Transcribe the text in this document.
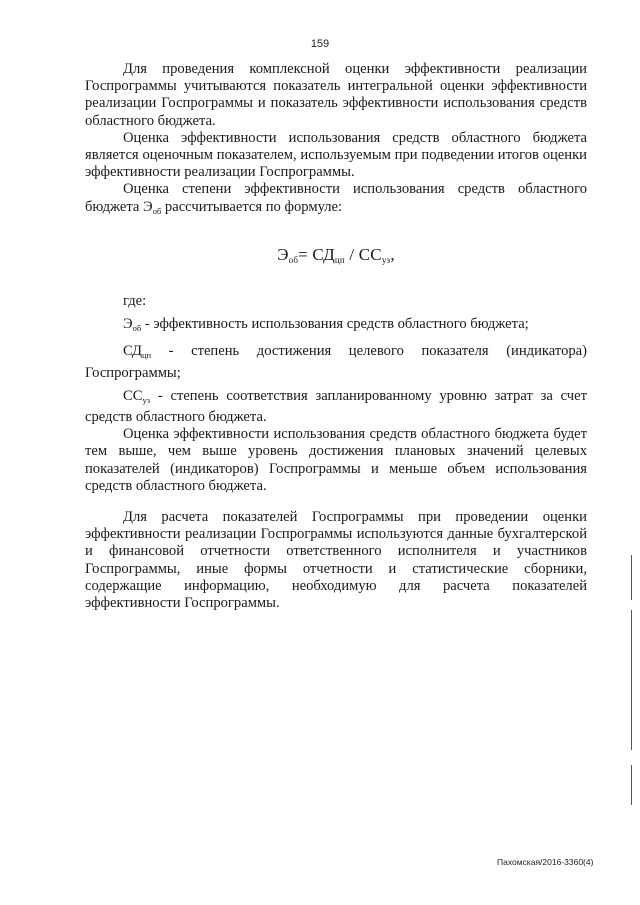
159

Для проведения комплексной оценки эффективности реализации Госпрограммы учитываются показатель интегральной оценки эффективности реализации Госпрограммы и показатель эффективности использования средств областного бюджета.

Оценка эффективности использования средств областного бюджета является оценочным показателем, используемым при подведении итогов оценки эффективности реализации Госпрограммы.

Оценка степени эффективности использования средств областного бюджета $Э_{об}$ рассчитывается по формуле:

$Э_{об}= СД_{цп} / СС_{уз}$,

где:

$Э_{об}$ - эффективность использования средств областного бюджета;

$СД_{цп}$ - степень достижения целевого показателя (индикатора) Госпрограммы;

$СС_{уз}$ - степень соответствия запланированному уровню затрат за счет средств областного бюджета.

Оценка эффективности использования средств областного бюджета будет тем выше, чем выше уровень достижения плановых значений целевых показателей (индикаторов) Госпрограммы и меньше объем использования средств областного бюджета.

Для расчета показателей Госпрограммы при проведении оценки эффективности реализации Госпрограммы используются данные бухгалтерской и финансовой отчетности ответственного исполнителя и участников Госпрограммы, иные формы отчетности и статистические сборники, содержащие информацию, необходимую для расчета показателей эффективности Госпрограммы.

Пахомская/2016-3360(4)
